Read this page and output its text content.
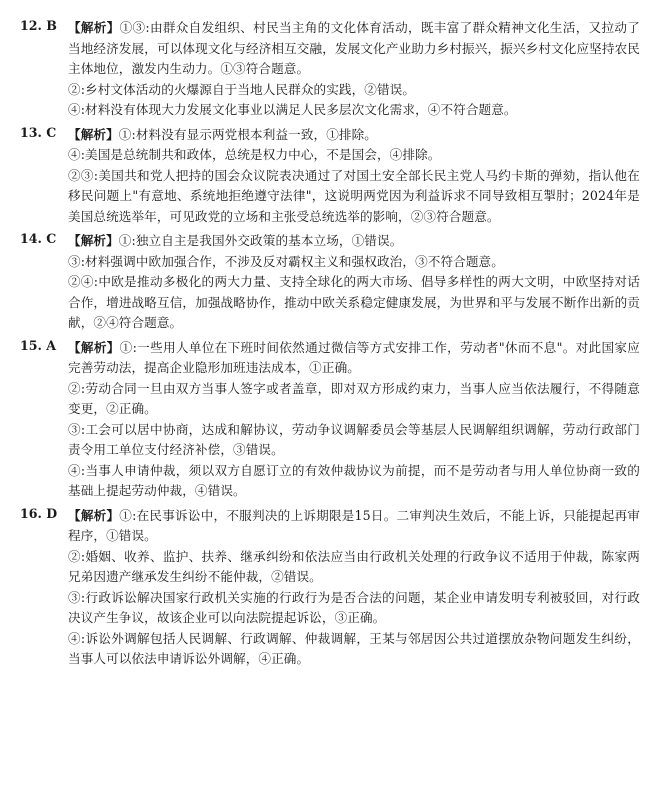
12. B 【解析】①③:由群众自发组织、村民当主角的文化体育活动，既丰富了群众精神文化生活，又拉动了当地经济发展，可以体现文化与经济相互交融，发展文化产业助力乡村振兴，振兴乡村文化应坚持农民主体地位，激发内生动力。①③符合题意。

②:乡村文体活动的火爆源自于当地人民群众的实践，②错误。

④:材料没有体现大力发展文化事业以满足人民多层次文化需求，④不符合题意。

13. C 【解析】①:材料没有显示两党根本利益一致，①排除。

④:美国是总统制共和政体，总统是权力中心，不是国会，④排除。

②③:美国共和党人把持的国会众议院表决通过了对国土安全部长民主党人马约卡斯的弹劾，指认他在移民问题上"有意地、系统地拒绝遵守法律"，这说明两党因为利益诉求不同导致相互掣肘；2024年是美国总统选举年，可见政党的立场和主张受总统选举的影响，②③符合题意。

14. C 【解析】①:独立自主是我国外交政策的基本立场，①错误。

③:材料强调中欧加强合作，不涉及反对霸权主义和强权政治，③不符合题意。

②④:中欧是推动多极化的两大力量、支持全球化的两大市场、倡导多样性的两大文明，中欧坚持对话合作，增进战略互信，加强战略协作，推动中欧关系稳定健康发展，为世界和平与发展不断作出新的贡献，②④符合题意。

15. A 【解析】①:一些用人单位在下班时间依然通过微信等方式安排工作，劳动者"休而不息"。对此国家应完善劳动法，提高企业隐形加班违法成本，①正确。

②:劳动合同一旦由双方当事人签字或者盖章，即对双方形成约束力，当事人应当依法履行，不得随意变更，②正确。

③:工会可以居中协商，达成和解协议，劳动争议调解委员会等基层人民调解组织调解，劳动行政部门责令用工单位支付经济补偿，③错误。

④:当事人申请仲裁，须以双方自愿订立的有效仲裁协议为前提，而不是劳动者与用人单位协商一致的基础上提起劳动仲裁，④错误。

16. D 【解析】①:在民事诉讼中，不服判决的上诉期限是15日。二审判决生效后，不能上诉，只能提起再审程序，①错误。

②:婚姻、收养、监护、扶养、继承纠纷和依法应当由行政机关处理的行政争议不适用于仲裁，陈家两兄弟因遗产继承发生纠纷不能仲裁，②错误。

③:行政诉讼解决国家行政机关实施的行政行为是否合法的问题，某企业申请发明专利被驳回，对行政决议产生争议，故该企业可以向法院提起诉讼，③正确。

④:诉讼外调解包括人民调解、行政调解、仲裁调解，王某与邻居因公共过道摆放杂物问题发生纠纷，当事人可以依法申请诉讼外调解，④正确。
